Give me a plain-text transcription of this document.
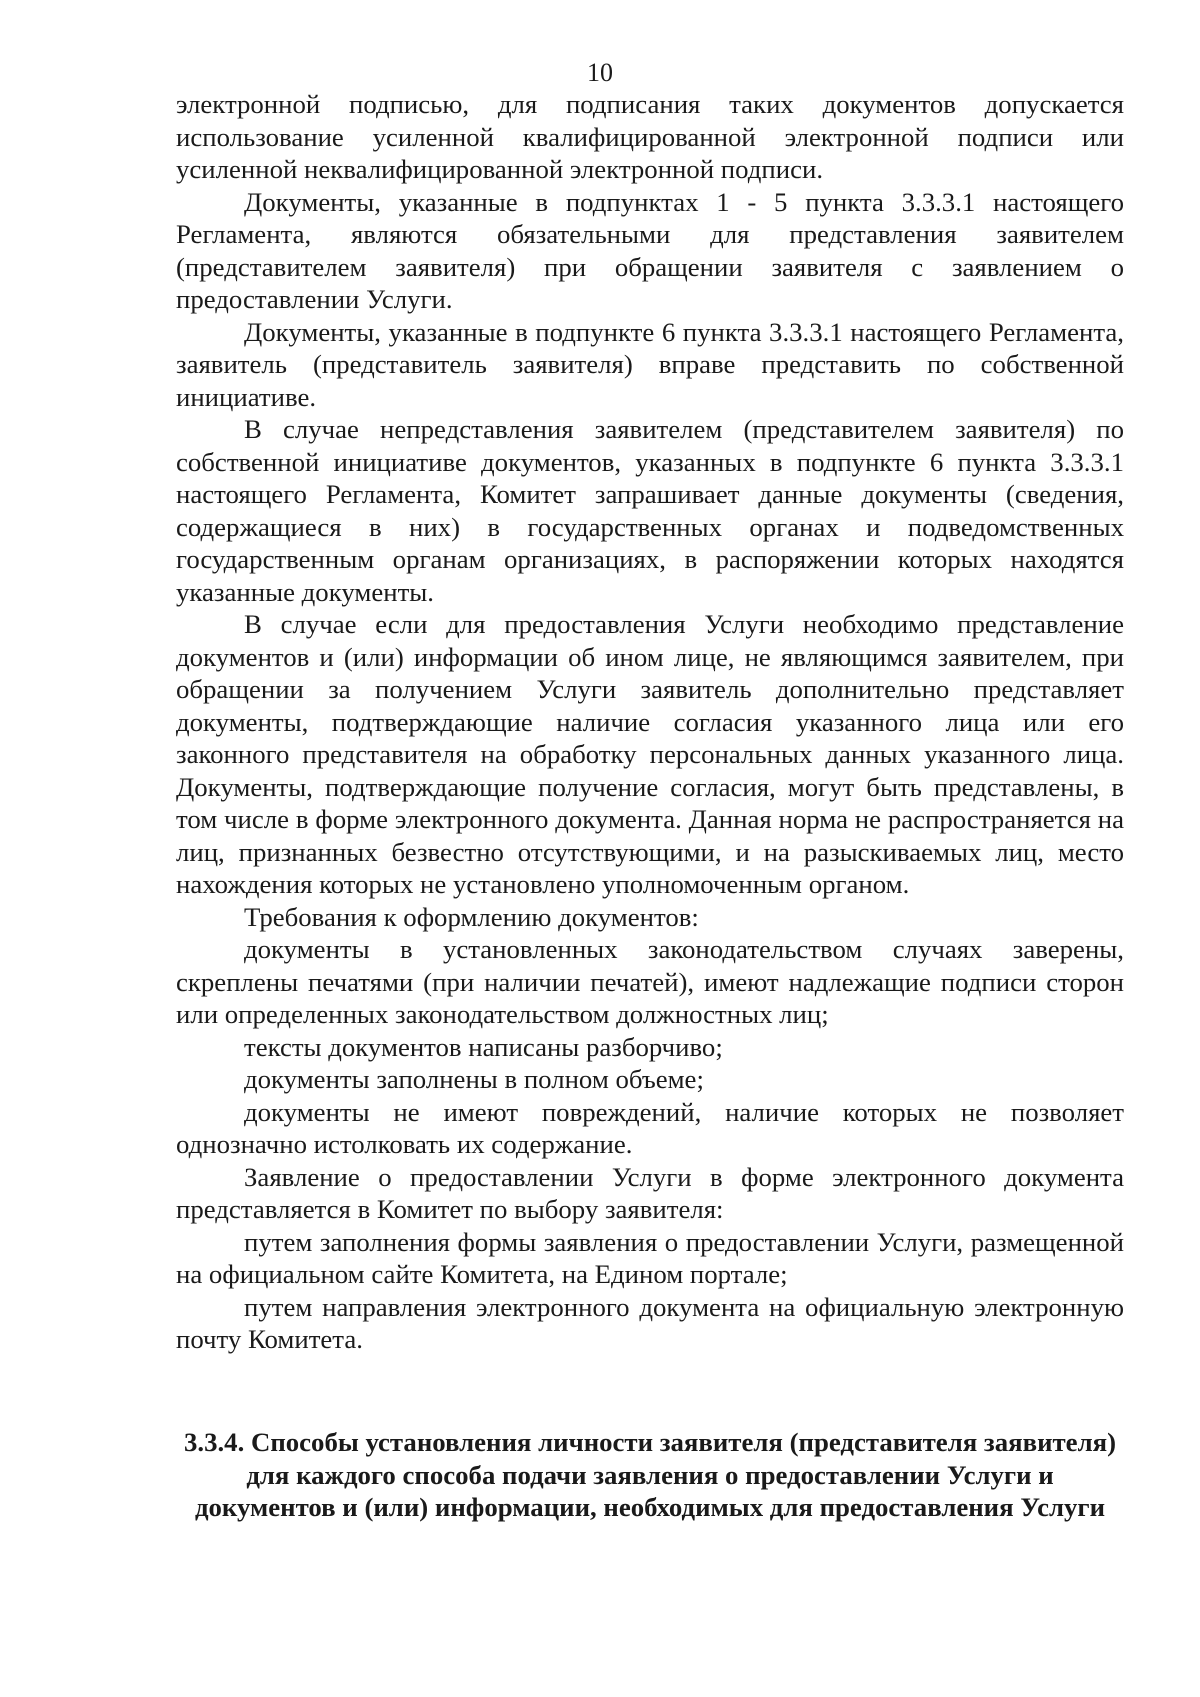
10

электронной подписью, для подписания таких документов допускается использование усиленной квалифицированной электронной подписи или усиленной неквалифицированной электронной подписи.

Документы, указанные в подпунктах 1 - 5 пункта 3.3.3.1 настоящего Регламента, являются обязательными для представления заявителем (представителем заявителя) при обращении заявителя с заявлением о предоставлении Услуги.

Документы, указанные в подпункте 6 пункта 3.3.3.1 настоящего Регламента, заявитель (представитель заявителя) вправе представить по собственной инициативе.

В случае непредставления заявителем (представителем заявителя) по собственной инициативе документов, указанных в подпункте 6 пункта 3.3.3.1 настоящего Регламента, Комитет запрашивает данные документы (сведения, содержащиеся в них) в государственных органах и подведомственных государственным органам организациях, в распоряжении которых находятся указанные документы.

В случае если для предоставления Услуги необходимо представление документов и (или) информации об ином лице, не являющимся заявителем, при обращении за получением Услуги заявитель дополнительно представляет документы, подтверждающие наличие согласия указанного лица или его законного представителя на обработку персональных данных указанного лица. Документы, подтверждающие получение согласия, могут быть представлены, в том числе в форме электронного документа. Данная норма не распространяется на лиц, признанных безвестно отсутствующими, и на разыскиваемых лиц, место нахождения которых не установлено уполномоченным органом.

Требования к оформлению документов:

документы в установленных законодательством случаях заверены, скреплены печатями (при наличии печатей), имеют надлежащие подписи сторон или определенных законодательством должностных лиц;

тексты документов написаны разборчиво;

документы заполнены в полном объеме;

документы не имеют повреждений, наличие которых не позволяет однозначно истолковать их содержание.

Заявление о предоставлении Услуги в форме электронного документа представляется в Комитет по выбору заявителя:

путем заполнения формы заявления о предоставлении Услуги, размещенной на официальном сайте Комитета, на Едином портале;

путем направления электронного документа на официальную электронную почту Комитета.

3.3.4. Способы установления личности заявителя (представителя заявителя) для каждого способа подачи заявления о предоставлении Услуги и документов и (или) информации, необходимых для предоставления Услуги
